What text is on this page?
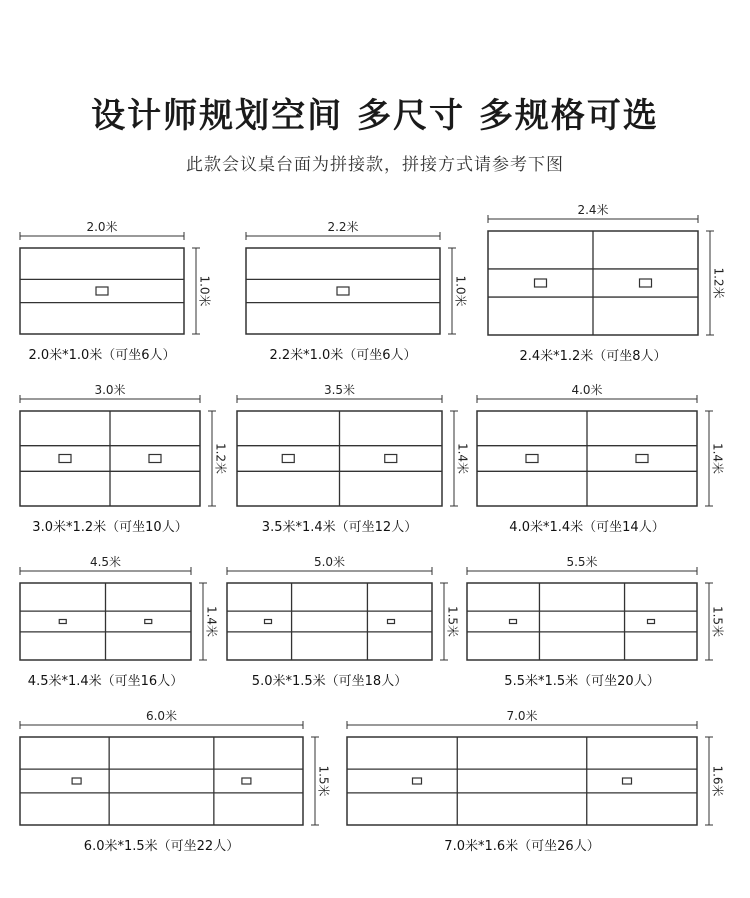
设计师规划空间 多尺寸 多规格可选
此款会议桌台面为拼接款，拼接方式请参考下图
2.0米
1.0米
2.0米*1.0米（可坐6人）
2.2米
1.0米
2.2米*1.0米（可坐6人）
2.4米
1.2米
2.4米*1.2米（可坐8人）
3.0米
1.2米
3.0米*1.2米（可坐10人）
3.5米
1.4米
3.5米*1.4米（可坐12人）
4.0米
1.4米
4.0米*1.4米（可坐14人）
4.5米
1.4米
4.5米*1.4米（可坐16人）
5.0米
1.5米
5.0米*1.5米（可坐18人）
5.5米
1.5米
5.5米*1.5米（可坐20人）
6.0米
1.5米
6.0米*1.5米（可坐22人）
7.0米
1.6米
7.0米*1.6米（可坐26人）
